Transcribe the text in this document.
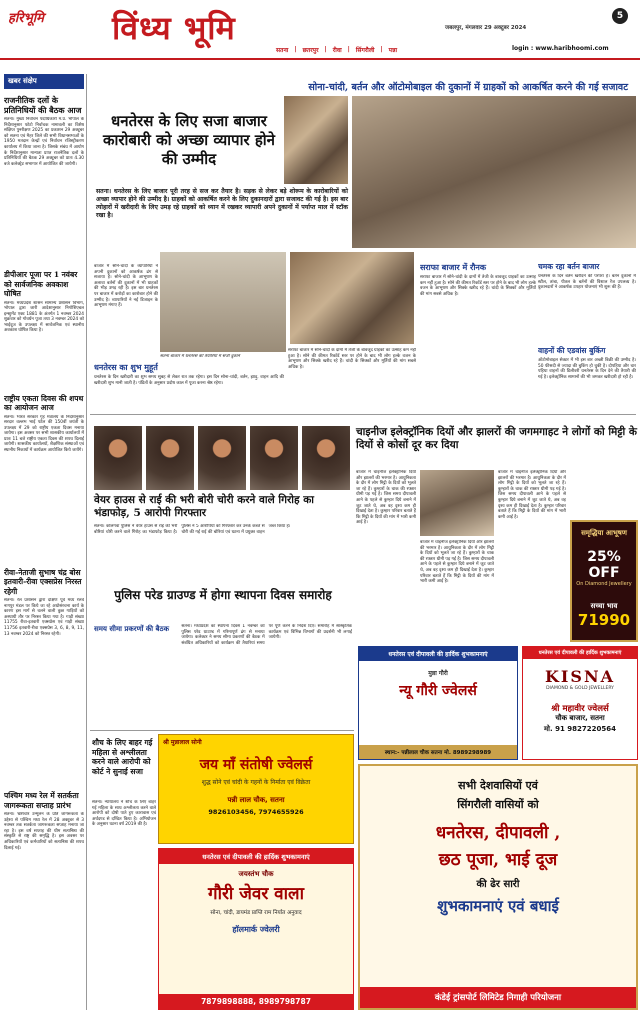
हरिभूमि विंध्य भूमि	जबलपुर, मंगलवार 29 अक्टूबर 2024
login : www.haribhoomi.com
5
सतना | छतरपुर | रीवा | सिंगरौली | पन्ना
खबर संक्षेप
राजनीतिक दलों के प्रतिनिधियों की बैठक आज
सतना। मुख्य निर्वाचन पदाधिकारी म.प्र. भोपाल के निर्देशानुसार फोटो निर्वाचक नामावली का विशेष संक्षिप्त पुनरीक्षण 2025 का प्रकाशन 29 अक्टूबर को सतना एवं मैहर जिले की सभी विधानसभाओं के 1950 मतदान केन्द्रों एवं निर्वाचन रजिस्ट्रीकरण कार्यालय में किया जाना है। जिसके संबंध में आयोग के निर्देशानुसार मान्यता प्राप्त राजनैतिक दलों के प्रतिनिधियों की बैठक 29 अक्टूबर को प्रातः 4.30 बजे कलेक्ट्रेट सभागार में आयोजित की जायेगी।
डीपीआर पूजा पर 1 नवंबर को सार्वजनिक अवकाश घोषित
सतना। मध्यप्रदेश शासन सामान्य प्रशासन विभाग, भोपाल द्वारा जारी आदेशानुसार निगोशिएबल इन्स्ट्रुमेंट एक्ट 1881 के अंतर्गत 1 नवम्बर 2024 शुक्रवार को गोवर्धन पूजा तथा 3 नवम्बर 2024 को भाईदूज के उपलक्ष्य में सार्वजनिक एवं स्थानीय अवकाश घोषित किया है।
राष्ट्रीय एकता दिवस की शपथ का आयोजन आज
सतना। भारत सरकार गृह मंत्रालय के निर्देशानुसार सरदार वल्लभ भाई पटेल की 150वीं जयंती के उपलक्ष्य में 29 को राष्ट्रीय एकता दिवस मनाया जायेगा। इस अवसर पर सभी शासकीय कार्यालयों में प्रातः 11 बजे राष्ट्रीय एकता दिवस की शपथ दिलाई जायेगी। शासकीय कार्यालयों, शैक्षणिक संस्थाओं एवं स्थानीय निकायों में कार्यक्रम आयोजित किये जायेंगे।
रीवा-नेताजी सुभाष चंद्र बोस इतवारी-रीवा एक्सप्रेस निरस्त रहेगी
सतना। रेल प्रशासन द्वारा दक्षिण पूर्व मध्य रेलवे नागपुर मंडल पर किये जा रहे अधोसंरचना कार्य के कारण इस मार्ग से चलने वाली कुछ गाड़ियों को अस्थायी तौर पर निरस्त किया गया है। गाड़ी संख्या 11755 रीवा-इतवारी एक्सप्रेस एवं गाड़ी संख्या 11756 इतवारी-रीवा एक्सप्रेस 3, 6, 8, 9, 11, 13 नवम्बर 2024 को निरस्त रहेगी।
पश्चिम मध्य रेल में सतर्कता जागरूकता सप्ताह प्रारंभ
सतना। भ्रष्टाचार उन्मूलन के प्रति जागरूकता के उद्देश्य से पश्चिम मध्य रेल में 28 अक्टूबर से 3 नवम्बर तक सतर्कता जागरूकता सप्ताह मनाया जा रहा है। इस वर्ष सप्ताह की थीम सत्यनिष्ठा की संस्कृति से राष्ट्र की समृद्धि है। इस अवसर पर अधिकारियों एवं कर्मचारियों को सत्यनिष्ठा की शपथ दिलाई गई।
सोना-चांदी, बर्तन और ऑटोमोबाइल की दुकानों में ग्राहकों को आकर्षित करने की गई सजावट
धनतेरस के लिए सजा बाजार कारोबारी को अच्छा व्यापार होने की उम्मीद
सतना। धनतेरस के लिए बाजार पूरी तरह से सज कर तैयार है। सड़क से लेकर बड़े शोरूम के कारोबारियों को अच्छा व्यापार होने की उम्मीद है। ग्राहकों को आकर्षित करने के लिए दुकानदारों द्वारा सजावट की गई है। इस बार त्योहारों में खरीदारी के लिए उमड़ रहे ग्राहकों को ध्यान में रखकर व्यापारी अपने दुकानों में पर्याप्त माल में स्टॉक रखा है।
बाजार में सोने-चांदी के व्यापारियों ने अपनी दुकानों को आकर्षक ढंग से सजाया है। सोने-चांदी के आभूषण के अलावा बर्तनों की दुकानों में भी ग्राहकों की भीड़ उमड़ रही है। इस बार धनतेरस पर बाजार में करोड़ों का कारोबार होने की उम्मीद है। व्यापारियों ने नई डिजाइन के आभूषण मंगाए हैं।
सतना बाजार में धनतेरस की तैयारियों में सजी दुकानें
धनतेरस का शुभ मुहूर्त
धनतेरस के दिन खरीदारी का शुभ समय सुबह से लेकर रात तक रहेगा। इस दिन सोना-चांदी, बर्तन, झाड़ू, वाहन आदि की खरीदारी शुभ मानी जाती है। पंडितों के अनुसार प्रदोष काल में पूजा करना श्रेष्ठ रहेगा।
सराफा बाजार में सोने-चांदी के दामों में तेजी के बावजूद ग्राहकों का उत्साह कम नहीं हुआ है। सोने की कीमत रिकॉर्ड स्तर पर होने के बाद भी लोग हल्के वजन के आभूषण और सिक्के खरीद रहे हैं। चांदी के सिक्कों और मूर्तियों की मांग सबसे अधिक है।
सराफा बाजार में रौनक
सराफा बाजार में सोने-चांदी के दामों में तेजी के बावजूद ग्राहकों का उत्साह कम नहीं हुआ है। सोने की कीमत रिकॉर्ड स्तर पर होने के बाद भी लोग हल्के वजन के आभूषण और सिक्के खरीद रहे हैं। चांदी के सिक्कों और मूर्तियों की मांग सबसे अधिक है।
चमक रहा बर्तन बाजार
धनतेरस के दिन बर्तन खरीदने की परंपरा है। बर्तन दुकानों में स्टील, तांबा, पीतल के बर्तनों की विशाल रेंज उपलब्ध है। दुकानदारों ने आकर्षक उपहार योजनाएं भी शुरू की हैं।
वाहनों की एडवांस बुकिंग
ऑटोमोबाइल सेक्टर में भी इस बार अच्छी बिक्री की उम्मीद है। 50 फीसदी से ज्यादा की बुकिंग हो चुकी है। दोपहिया और चार पहिया वाहनों की डिलीवरी धनतेरस के दिन देने की तैयारी की गई है। इलेक्ट्रॉनिक सामानों की भी जमकर खरीदारी हो रही है।
वेयर हाउस से राई की भरी बोरी चोरी करने वाले गिरोह का भंडाफोड़, 5 आरोपी गिरफ्तार
सतना। कोलगवां पुलिस ने वेयर हाउस से राई की भरी बोरियां चोरी करने वाले गिरोह का भंडाफोड़ किया है। पुलिस ने 5 आरोपियों को गिरफ्तार कर उनके कब्जे से चोरी की गई राई की बोरियां एवं घटना में प्रयुक्त वाहन जब्त किया है।
चाइनीज इलेक्ट्रॉनिक दियों और झालरों की जगमगाहट ने लोगों को मिट्टी के दियों से कोसों दूर कर दिया
बाजार में चाइनीज इलेक्ट्रॉनिक दियों और झालरों की भरमार है। आधुनिकता के दौर में लोग मिट्टी के दियों को भूलते जा रहे हैं। कुम्हारों के चाक की रफ्तार धीमी पड़ गई है। जिस समय दीपावली आने के पहले से कुम्हार दिये बनाने में जुट जाते थे, अब वह दृश्य कम ही दिखाई देता है। कुम्हार परिवार बताते हैं कि मिट्टी के दियों की मांग में भारी कमी आई है।
बाजार में चाइनीज इलेक्ट्रॉनिक दियों और झालरों की भरमार है। आधुनिकता के दौर में लोग मिट्टी के दियों को भूलते जा रहे हैं। कुम्हारों के चाक की रफ्तार धीमी पड़ गई है। जिस समय दीपावली आने के पहले से कुम्हार दिये बनाने में जुट जाते थे, अब वह दृश्य कम ही दिखाई देता है। कुम्हार परिवार बताते हैं कि मिट्टी के दियों की मांग में भारी कमी आई है।
बाजार में चाइनीज इलेक्ट्रॉनिक दियों और झालरों की भरमार है। आधुनिकता के दौर में लोग मिट्टी के दियों को भूलते जा रहे हैं। कुम्हारों के चाक की रफ्तार धीमी पड़ गई है। जिस समय दीपावली आने के पहले से कुम्हार दिये बनाने में जुट जाते थे, अब वह दृश्य कम ही दिखाई देता है। कुम्हार परिवार बताते हैं कि मिट्टी के दियों की मांग में भारी कमी आई है।
पुलिस परेड ग्राउण्ड में होगा स्थापना दिवस समारोह
समय सीमा प्रकरणों की बैठक	सतना। मध्यप्रदेश का स्थापना दिवस 1 नवम्बर को पुलिस परेड ग्राउण्ड में गरिमापूर्ण ढंग से मनाया जायेगा। कलेक्टर ने समय सीमा प्रकरणों की बैठक में संबंधित अधिकारियों को कार्यक्रम की तैयारियां समय पर पूर्ण करने के निर्देश दिए। समारोह में सांस्कृतिक कार्यक्रम एवं विभिन्न विभागों की प्रदर्शनी भी लगाई जायेगी।
शौच के लिए बाहर गई महिला से अश्लीलता करने वाले आरोपी को कोर्ट ने सुनाई सजा
सतना। न्यायालय ने शौच के लिए बाहर गई महिला के साथ अश्लीलता करने वाले आरोपी को दोषी पाते हुए कारावास एवं अर्थदण्ड से दण्डित किया है। अभियोजन के अनुसार घटना वर्ष 2019 की है।
समृद्धिया आभूषण
25% OFF
On Diamond Jewellery
सच्चा भाव
71990
श्री मुन्नालाल सोनी
जय माँ संतोषी ज्वेलर्स
शुद्ध सोने एवं चांदी के गहनों के निर्माता एवं विक्रेता
पन्नी लाल चौक, सतना
9826103456, 7974655926
धनतेरस एवं दीपावली की हार्दिक शुभकामनाएं
जयस्तंभ चौक
गौरी जेवर वाला
सोना, चांदी, डायमंड प्राप्ति राम निर्यात अनुवाद
हॉलमार्क ज्वेलरी
7879898888, 8989798787
धनतेरस एवं दीपावली की हार्दिक शुभकामनाएं
मुन्ना गौरी
न्यू गौरी ज्वेलर्स
स्थान:- पन्नीलाल चौक सतना मो. 8989298989
धनतेरस एवं दीपावली की हार्दिक शुभकामनाएं
KISNA
DIAMOND & GOLD JEWELLERY
श्री महावीर ज्वेलर्स
चौक बाजार, सतना
मो. 91 9827220564
सभी देशवासियों एवं
सिंगरौली वासियों को
धनतेरस, दीपावली ,
छठ पूजा, भाई दूज
की ढेर सारी
शुभकामनाएं एवं बधाई
कंडेई ट्रांसपोर्ट लिमिटेड निगाही परियोजना
